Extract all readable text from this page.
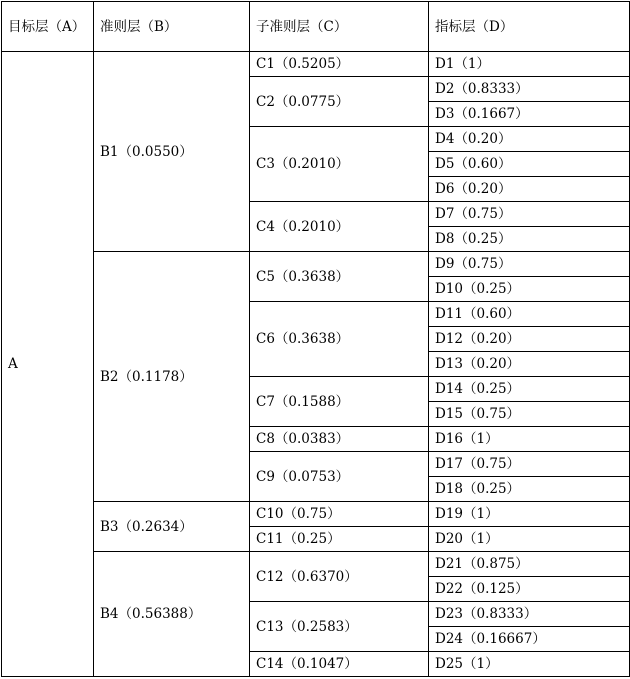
目标层（A）	准则层（B）	子准则层（C）	指标层（D）
A	B1（0.0550）	C1（0.5205）	D1（1）
		C2（0.0775）	D2（0.8333）
			D3（0.1667）
		C3（0.2010）	D4（0.20）
			D5（0.60）
			D6（0.20）
		C4（0.2010）	D7（0.75）
			D8（0.25）
	B2（0.1178）	C5（0.3638）	D9（0.75）
			D10（0.25）
		C6（0.3638）	D11（0.60）
			D12（0.20）
			D13（0.20）
		C7（0.1588）	D14（0.25）
			D15（0.75）
		C8（0.0383）	D16（1）
		C9（0.0753）	D17（0.75）
			D18（0.25）
	B3（0.2634）	C10（0.75）	D19（1）
		C11（0.25）	D20（1）
	B4（0.56388）	C12（0.6370）	D21（0.875）
			D22（0.125）
		C13（0.2583）	D23（0.8333）
			D24（0.16667）
		C14（0.1047）	D25（1）
